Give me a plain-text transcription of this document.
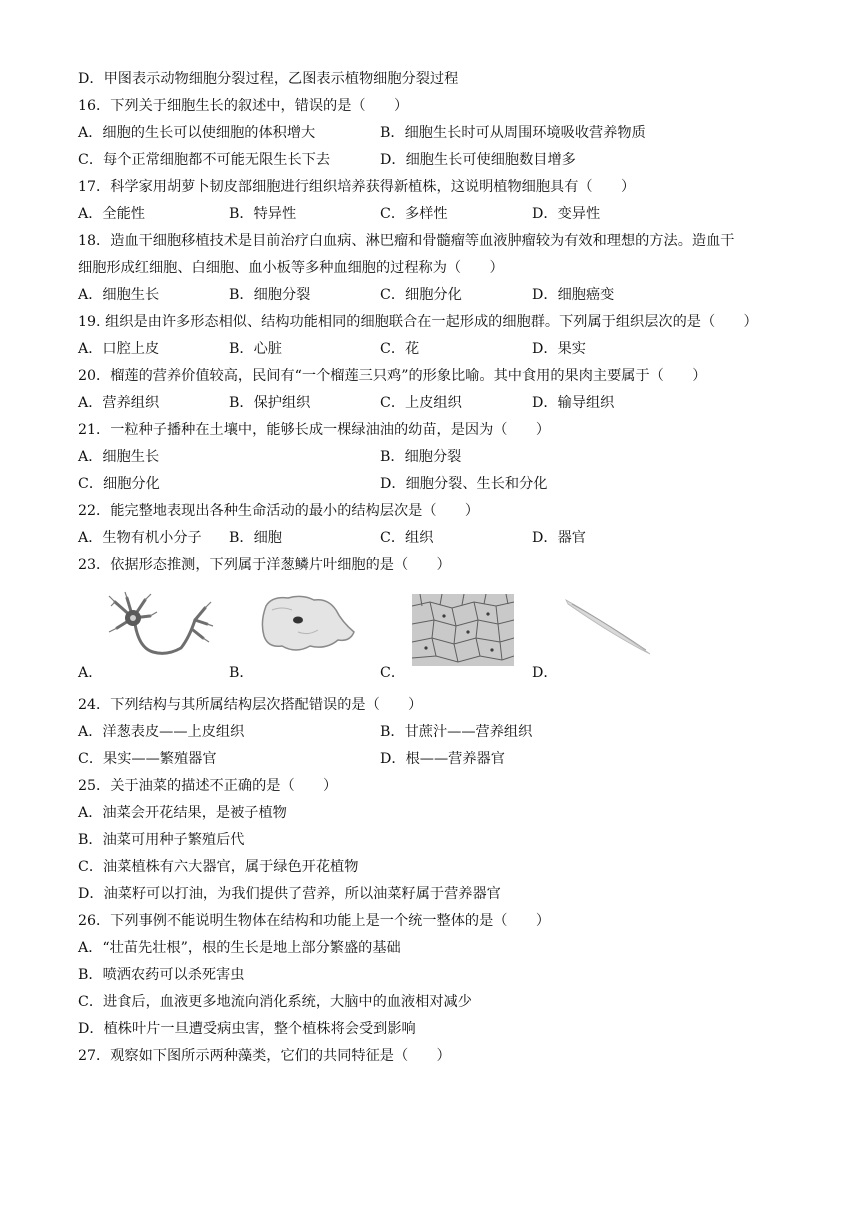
D．甲图表示动物细胞分裂过程，乙图表示植物细胞分裂过程
16．下列关于细胞生长的叙述中，错误的是（　　）
A．细胞的生长可以使细胞的体积增大	B．细胞生长时可从周围环境吸收营养物质
C．每个正常细胞都不可能无限生长下去	D．细胞生长可使细胞数目增多
17．科学家用胡萝卜韧皮部细胞进行组织培养获得新植株，这说明植物细胞具有（　　）
A．全能性	B．特异性	C．多样性	D．变异性
18．造血干细胞移植技术是目前治疗白血病、淋巴瘤和骨髓瘤等血液肿瘤较为有效和理想的方法。造血干
细胞形成红细胞、白细胞、血小板等多种血细胞的过程称为（　　）
A．细胞生长	B．细胞分裂	C．细胞分化	D．细胞癌变
19. 组织是由许多形态相似、结构功能相同的细胞联合在一起形成的细胞群。下列属于组织层次的是（　　）
A．口腔上皮	B．心脏	C．花	D．果实
20．榴莲的营养价值较高，民间有“一个榴莲三只鸡”的形象比喻。其中食用的果肉主要属于（　　）
A．营养组织	B．保护组织	C．上皮组织	D．输导组织
21．一粒种子播种在土壤中，能够长成一棵绿油油的幼苗，是因为（　　）
A．细胞生长	B．细胞分裂
C．细胞分化	D．细胞分裂、生长和分化
22．能完整地表现出各种生命活动的最小的结构层次是（　　）
A．生物有机小分子 B．细胞	C．组织	D．器官
23．依据形态推测，下列属于洋葱鳞片叶细胞的是（　　）
A．	B．	C．	D．
24．下列结构与其所属结构层次搭配错误的是（　　）
A．洋葱表皮——上皮组织	B．甘蔗汁——营养组织
C．果实——繁殖器官	D．根——营养器官
25．关于油菜的描述不正确的是（　　）
A．油菜会开花结果，是被子植物
B．油菜可用种子繁殖后代
C．油菜植株有六大器官，属于绿色开花植物
D．油菜籽可以打油，为我们提供了营养，所以油菜籽属于营养器官
26．下列事例不能说明生物体在结构和功能上是一个统一整体的是（　　）
A．“壮苗先壮根”，根的生长是地上部分繁盛的基础
B．喷洒农药可以杀死害虫
C．进食后，血液更多地流向消化系统，大脑中的血液相对减少
D．植株叶片一旦遭受病虫害，整个植株将会受到影响
27．观察如下图所示两种藻类，它们的共同特征是（　　）
